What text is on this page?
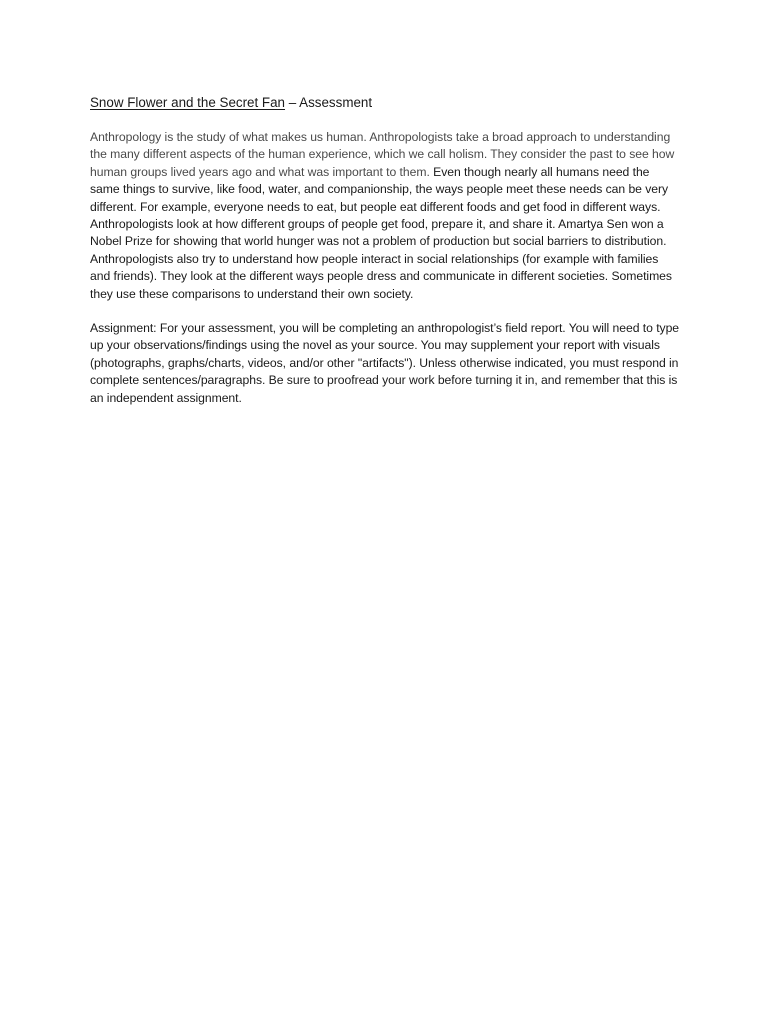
Snow Flower and the Secret Fan – Assessment

Anthropology is the study of what makes us human. Anthropologists take a broad approach to understanding the many different aspects of the human experience, which we call holism. They consider the past to see how human groups lived years ago and what was important to them. Even though nearly all humans need the same things to survive, like food, water, and companionship, the ways people meet these needs can be very different. For example, everyone needs to eat, but people eat different foods and get food in different ways. Anthropologists look at how different groups of people get food, prepare it, and share it. Amartya Sen won a Nobel Prize for showing that world hunger was not a problem of production but social barriers to distribution. Anthropologists also try to understand how people interact in social relationships (for example with families and friends). They look at the different ways people dress and communicate in different societies. Sometimes they use these comparisons to understand their own society.

Assignment: For your assessment, you will be completing an anthropologist’s field report. You will need to type up your observations/findings using the novel as your source. You may supplement your report with visuals (photographs, graphs/charts, videos, and/or other "artifacts"). Unless otherwise indicated, you must respond in complete sentences/paragraphs. Be sure to proofread your work before turning it in, and remember that this is an independent assignment.
